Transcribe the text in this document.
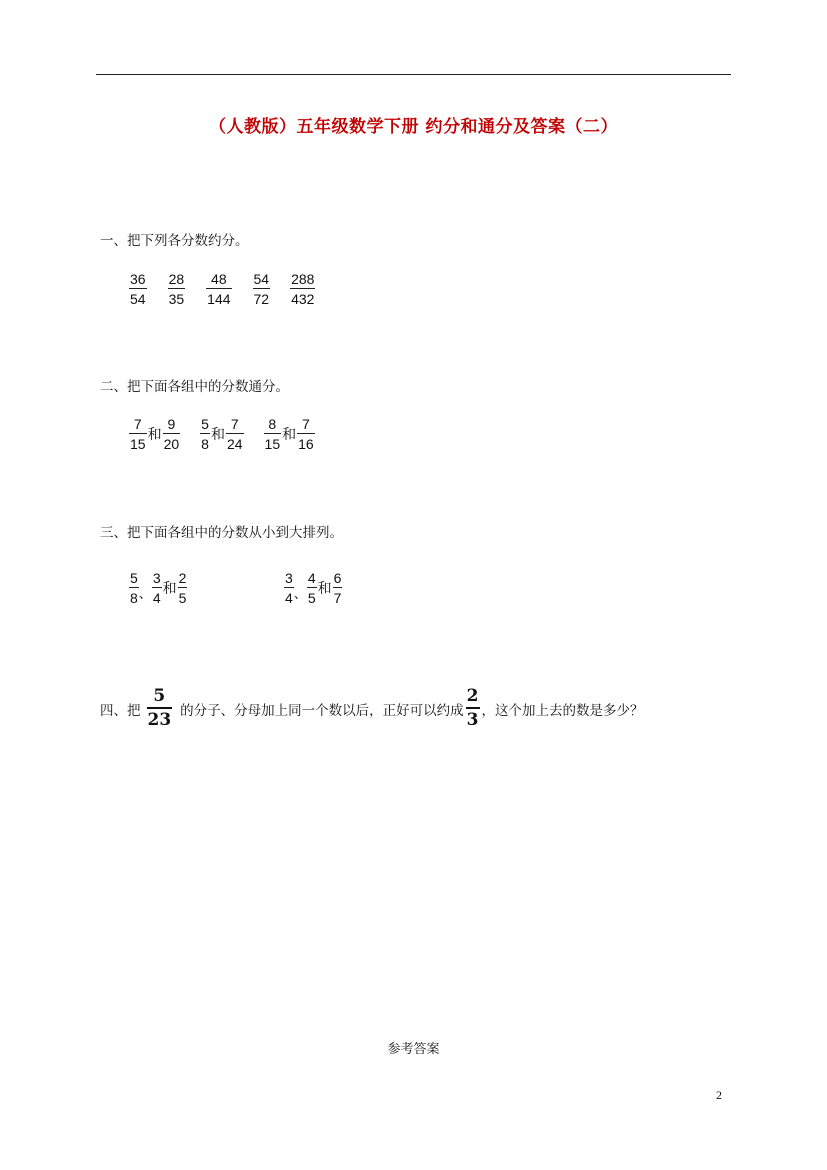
（人教版）五年级数学下册 约分和通分及答案（二）
一、把下列各分数约分。
$\frac{36}{54} \frac{28}{35} \frac{48}{144} \frac{54}{72} \frac{288}{432}$
二、把下面各组中的分数通分。
$\frac{7}{15}$ 和 $\frac{9}{20} \frac{5}{8}$ 和 $\frac{7}{24} \frac{8}{15}$ 和 $\frac{7}{16}$
三、把下面各组中的分数从小到大排列。
$\frac{5}{8}$ 、 $\frac{3}{4}$ 和 $\frac{2}{5}$	$\frac{3}{4}$ 、 $\frac{4}{5}$ 和 $\frac{6}{7}$
四、把 $\frac{5}{23}$ 的分子、分母加上同一个数以后，正好可以约成 $\frac{2}{3}$ ，这个加上去的数是多少？
参考答案
2
